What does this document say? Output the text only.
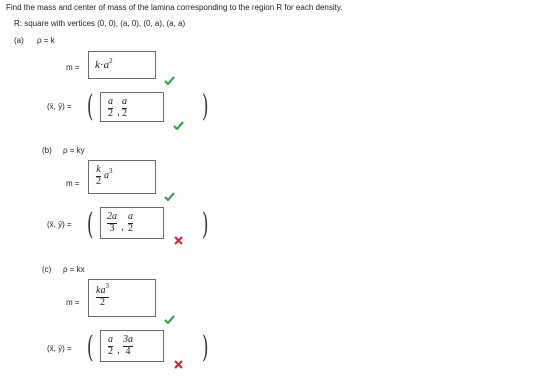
Find the mass and center of mass of the lamina corresponding to the region R for each density.
R: square with vertices (0, 0), (a, 0), (0, a), (a, a)
(a) ρ = k
$m = k\cdot a^2$
(x̄, ȳ) = ( a
2 ,
a
2	)
(b) ρ = ky
m =
k
2
$a^3$
(x̄, ȳ) = ( 2a
3 ,
a
2 )
(c) ρ = kx
m =
$ka^3$
2
(x̄, ȳ) = ( a
2 ,
3a
4 )
